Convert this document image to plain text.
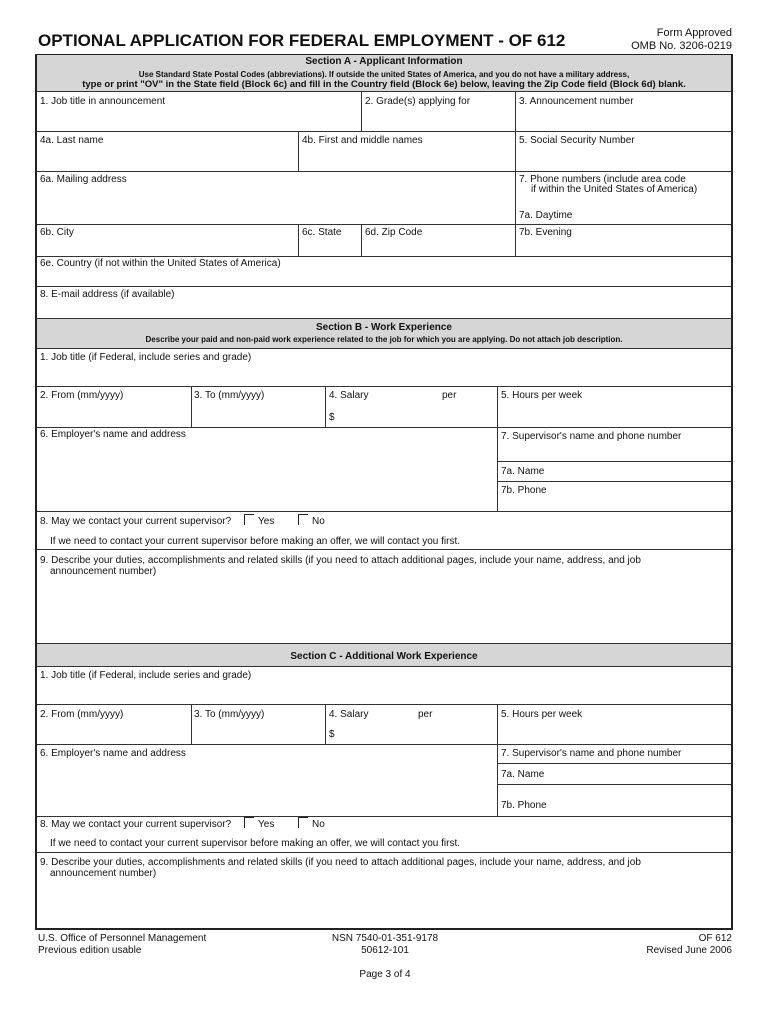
OPTIONAL APPLICATION FOR FEDERAL EMPLOYMENT - OF 612	Form Approved
OMB No. 3206-0219
Section A - Applicant Information
Use Standard State Postal Codes (abbreviations). If outside the united States of America, and you do not have a military address,
type or print "OV" in the State field (Block 6c) and fill in the Country field (Block 6e) below, leaving the Zip Code field (Block 6d) blank.
1. Job title in announcement	2. Grade(s) applying for	3. Announcement number
4a. Last name	4b. First and middle names	5. Social Security Number
6a. Mailing address	7. Phone numbers (include area code
if within the United States of America)
7a. Daytime
6b. City	6c. State 6d. Zip Code	7b. Evening
6e. Country (if not within the United States of America)
8. E-mail address (if available)
Section B - Work Experience
Describe your paid and non-paid work experience related to the job for which you are applying. Do not attach job description.
1. Job title (if Federal, include series and grade)
2. From (mm/yyyy)	3. To (mm/yyyy)	4. Salary	per	5. Hours per week
$
6. Employer's name and address	7. Supervisor's name and phone number
7a. Name
7b. Phone
8. May we contact your current supervisor?	Yes	No
If we need to contact your current supervisor before making an offer, we will contact you first.
9. Describe your duties, accomplishments and related skills (if you need to attach additional pages, include your name, address, and job
announcement number)
Section C - Additional Work Experience
1. Job title (if Federal, include series and grade)
2. From (mm/yyyy)	3. To (mm/yyyy)	4. Salary	per	5. Hours per week
$
6. Employer's name and address	7. Supervisor's name and phone number
7a. Name
7b. Phone
8. May we contact your current supervisor?	Yes	No
If we need to contact your current supervisor before making an offer, we will contact you first.
9. Describe your duties, accomplishments and related skills (if you need to attach additional pages, include your name, address, and job
announcement number)
U.S. Office of Personnel Management
Previous edition usable
NSN 7540-01-351-9178
50612-101
OF 612
Revised June 2006
Page 3 of 4
